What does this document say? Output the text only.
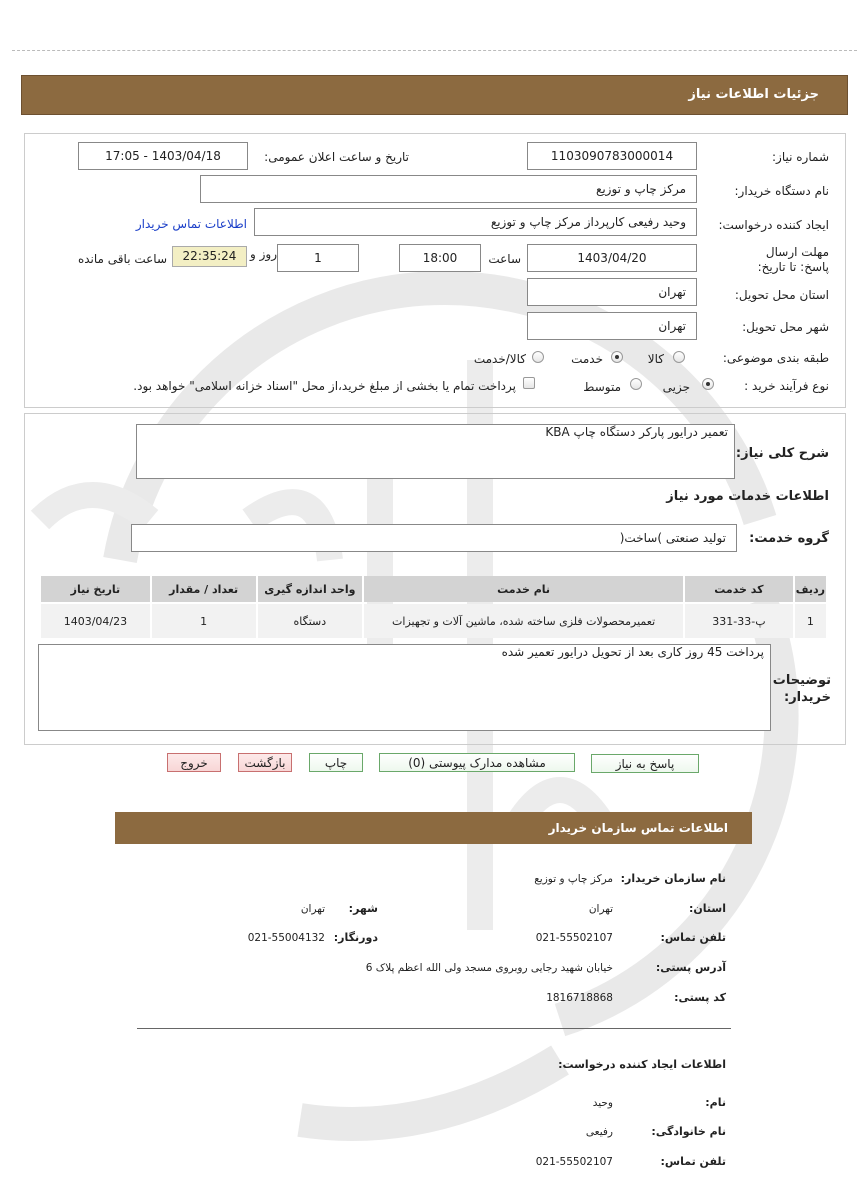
جزئیات اطلاعات نیاز
شماره نیاز:
1103090783000014
تاریخ و ساعت اعلان عمومی:
1403/04/18 - 17:05
نام دستگاه خریدار:
مرکز چاپ و توزیع
ایجاد کننده درخواست:
وحید رفیعی کارپرداز مرکز چاپ و توزیع
اطلاعات تماس خریدار
مهلت ارسال پاسخ: تا تاریخ:
1403/04/20
ساعت
18:00
1
روز و
22:35:24
ساعت باقی مانده
استان محل تحویل:
تهران
شهر محل تحویل:
تهران
طبقه بندی موضوعی:
کالا
خدمت
کالا/خدمت
نوع فرآیند خرید :
جزیی
متوسط
پرداخت تمام یا بخشی از مبلغ خرید،از محل "اسناد خزانه اسلامی" خواهد بود.
شرح کلی نیاز:
تعمیر درایور پارکر دستگاه چاپ KBA
اطلاعات خدمات مورد نیاز
گروه خدمت:
تولید صنعتی )ساخت(
ردیف	کد خدمت	نام خدمت	واحد اندازه گیری	تعداد / مقدار	تاریخ نیاز
1	پ-33-331	تعمیرمحصولات فلزی ساخته شده، ماشین آلات و تجهیزات	دستگاه	1	1403/04/23
توضیحات خریدار:
پرداخت 45 روز کاری بعد از تحویل درایور تعمیر شده
پاسخ به نیاز
مشاهده مدارک پیوستی (0)
چاپ
بازگشت
خروج
اطلاعات تماس سازمان خریدار
نام سازمان خریدار:
مرکز چاپ و توزیع
استان:
تهران
شهر:
تهران
تلفن تماس:
021-55502107
دورنگار:
021-55004132
آدرس پستی:
خیابان شهید رجایی روبروی مسجد ولی الله اعظم پلاک 6
کد پستی:
1816718868
اطلاعات ایجاد کننده درخواست:
نام:
وحید
نام خانوادگی:
رفیعی
تلفن تماس:
021-55502107
